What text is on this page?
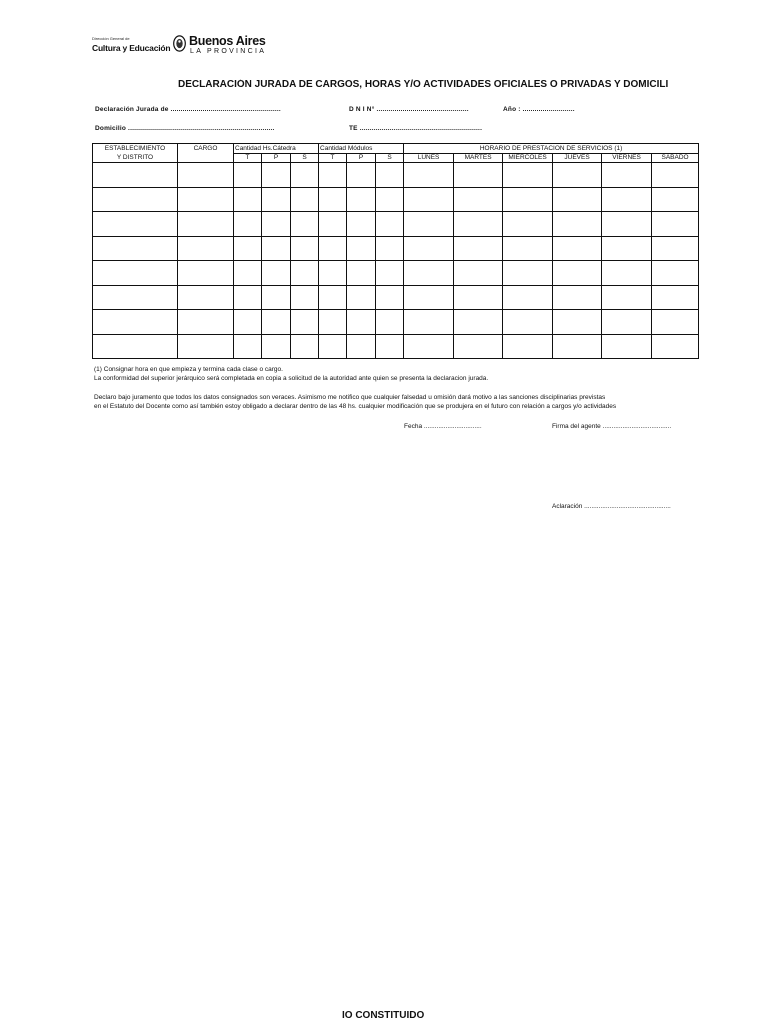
Dirección General de
Cultura y Educación Buenos Aires
LA PROVINCIA
DECLARACIÓN JURADA DE CARGOS, HORAS Y/O ACTIVIDADES OFICIALES O PRIVADAS Y DOMICILI
Declaración Jurada de .......................................................	D N I N° ..............................................	Año : ..........................
Domicilio .........................................................................	TE .............................................................
ESTABLECIMIENTO
Y DISTRITO	CARGO	Cantidad Hs.Cátedra			Cantidad Módulos			HORARIO DE PRESTACION DE SERVICIOS (1)					
		T	P	S	T	P	S	LUNES	MARTES	MIERCOLES	JUEVES	VIERNES	SABADO

(1) Consignar hora en que empieza y termina cada clase o cargo.
La conformidad del superior jerárquico será completada en copia a solicitud de la autoridad ante quien se presenta la declaracion jurada.
Declaro bajo juramento que todos los datos consignados son veraces. Asimismo me notifico que cualquier falsedad u omisión dará motivo a las sanciones disciplinarias previstas
en el Estatuto del Docente como así también estoy obligado a declarar dentro de las 48 hs. cualquier modificación que se produjera en el futuro con relación a cargos y/o actividades
Fecha ................................	Firma del agente ......................................
Aclaración ................................................
IO CONSTITUIDO
